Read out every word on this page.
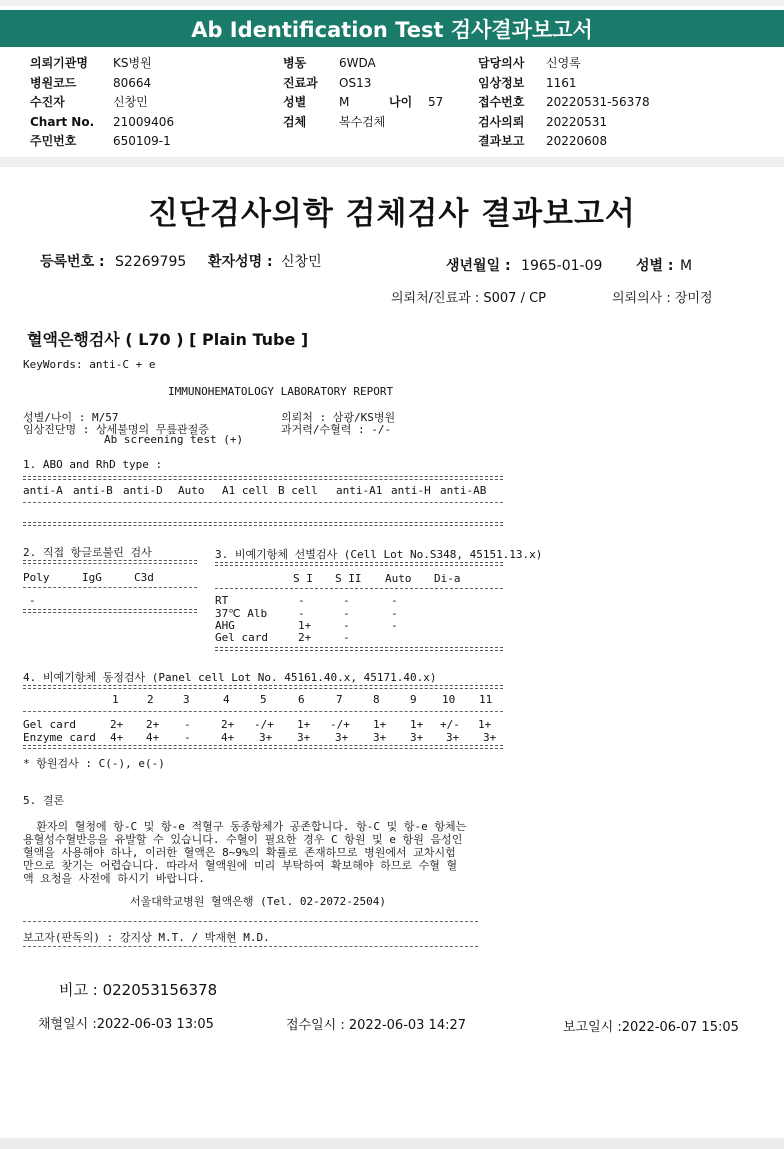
Ab Identification Test 검사결과보고서
의뢰기관명 KS병원
병원코드	80664
수진자	신창민
Chart No. 21009406
주민번호	650109-1
병동	6WDA
진료과 OS13
성별	M	나이 57
검체	복수검체
담당의사 신영록
임상정보 1161
접수번호 20220531-56378
검사의뢰 20220531
결과보고 20220608
진단검사의학 검체검사 결과보고서
등록번호 : S2269795 환자성명 : 신창민	생년월일 : 1965-01-09 성별 : M
의뢰처/진료과 : S007 / CP	의뢰의사 : 장미정
혈액은행검사 ( L70 ) [ Plain Tube ]
KeyWords: anti-C + e
IMMUNOHEMATOLOGY LABORATORY REPORT
성별/나이 : M/57
임상진단명 : 상세불명의 무릎관절증
Ab screening test (+)
의뢰처 : 삼광/KS병원
과거력/수혈력 : -/-
1. ABO and RhD type :
anti-A anti-B anti-D Auto A1 cell B cell anti-A1 anti-H anti-AB
2. 직접 항글로불린 검사
Poly	IgG	C3d
-
3. 비예기항체 선별검사 (Cell Lot No.S348, 45151.13.x)
S I S II Auto Di-a
RT	-	-	-
37℃ Alb	-	-	-
AHG	1+	-	-
Gel card	2+	-
4. 비예기항체 동정검사 (Panel cell Lot No. 45161.40.x, 45171.40.x)
1	2	3	4	5	6	7	8	9 10 11
Gel card	2+ 2+ -	2+ -/+ 1+ -/+ 1+ 1+ +/- 1+
Enzyme card 4+ 4+ -	4+ 3+ 3+ 3+ 3+ 3+ 3+ 3+
* 항원검사 : C(-), e(-)
5. 결론
환자의 혈청에 항-C 및 항-e 적혈구 동종항체가 공존합니다. 항-C 및 항-e 항체는
용혈성수혈반응을 유발할 수 있습니다. 수혈이 필요한 경우 C 항원 및 e 항원 음성인
혈액을 사용해야 하나, 이러한 혈액은 8~9%의 확률로 존재하므로 병원에서 교차시험
만으로 찾기는 어렵습니다. 따라서 혈액원에 미리 부탁하여 확보해야 하므로 수혈 혈
액 요청을 사전에 하시기 바랍니다.
서울대학교병원 혈액은행 (Tel. 02-2072-2504)
보고자(판독의) : 강지상 M.T. / 박재현 M.D.
비고 : 022053156378
채혈일시 :2022-06-03 13:05	접수일시 : 2022-06-03 14:27	보고일시 :2022-06-07 15:05
